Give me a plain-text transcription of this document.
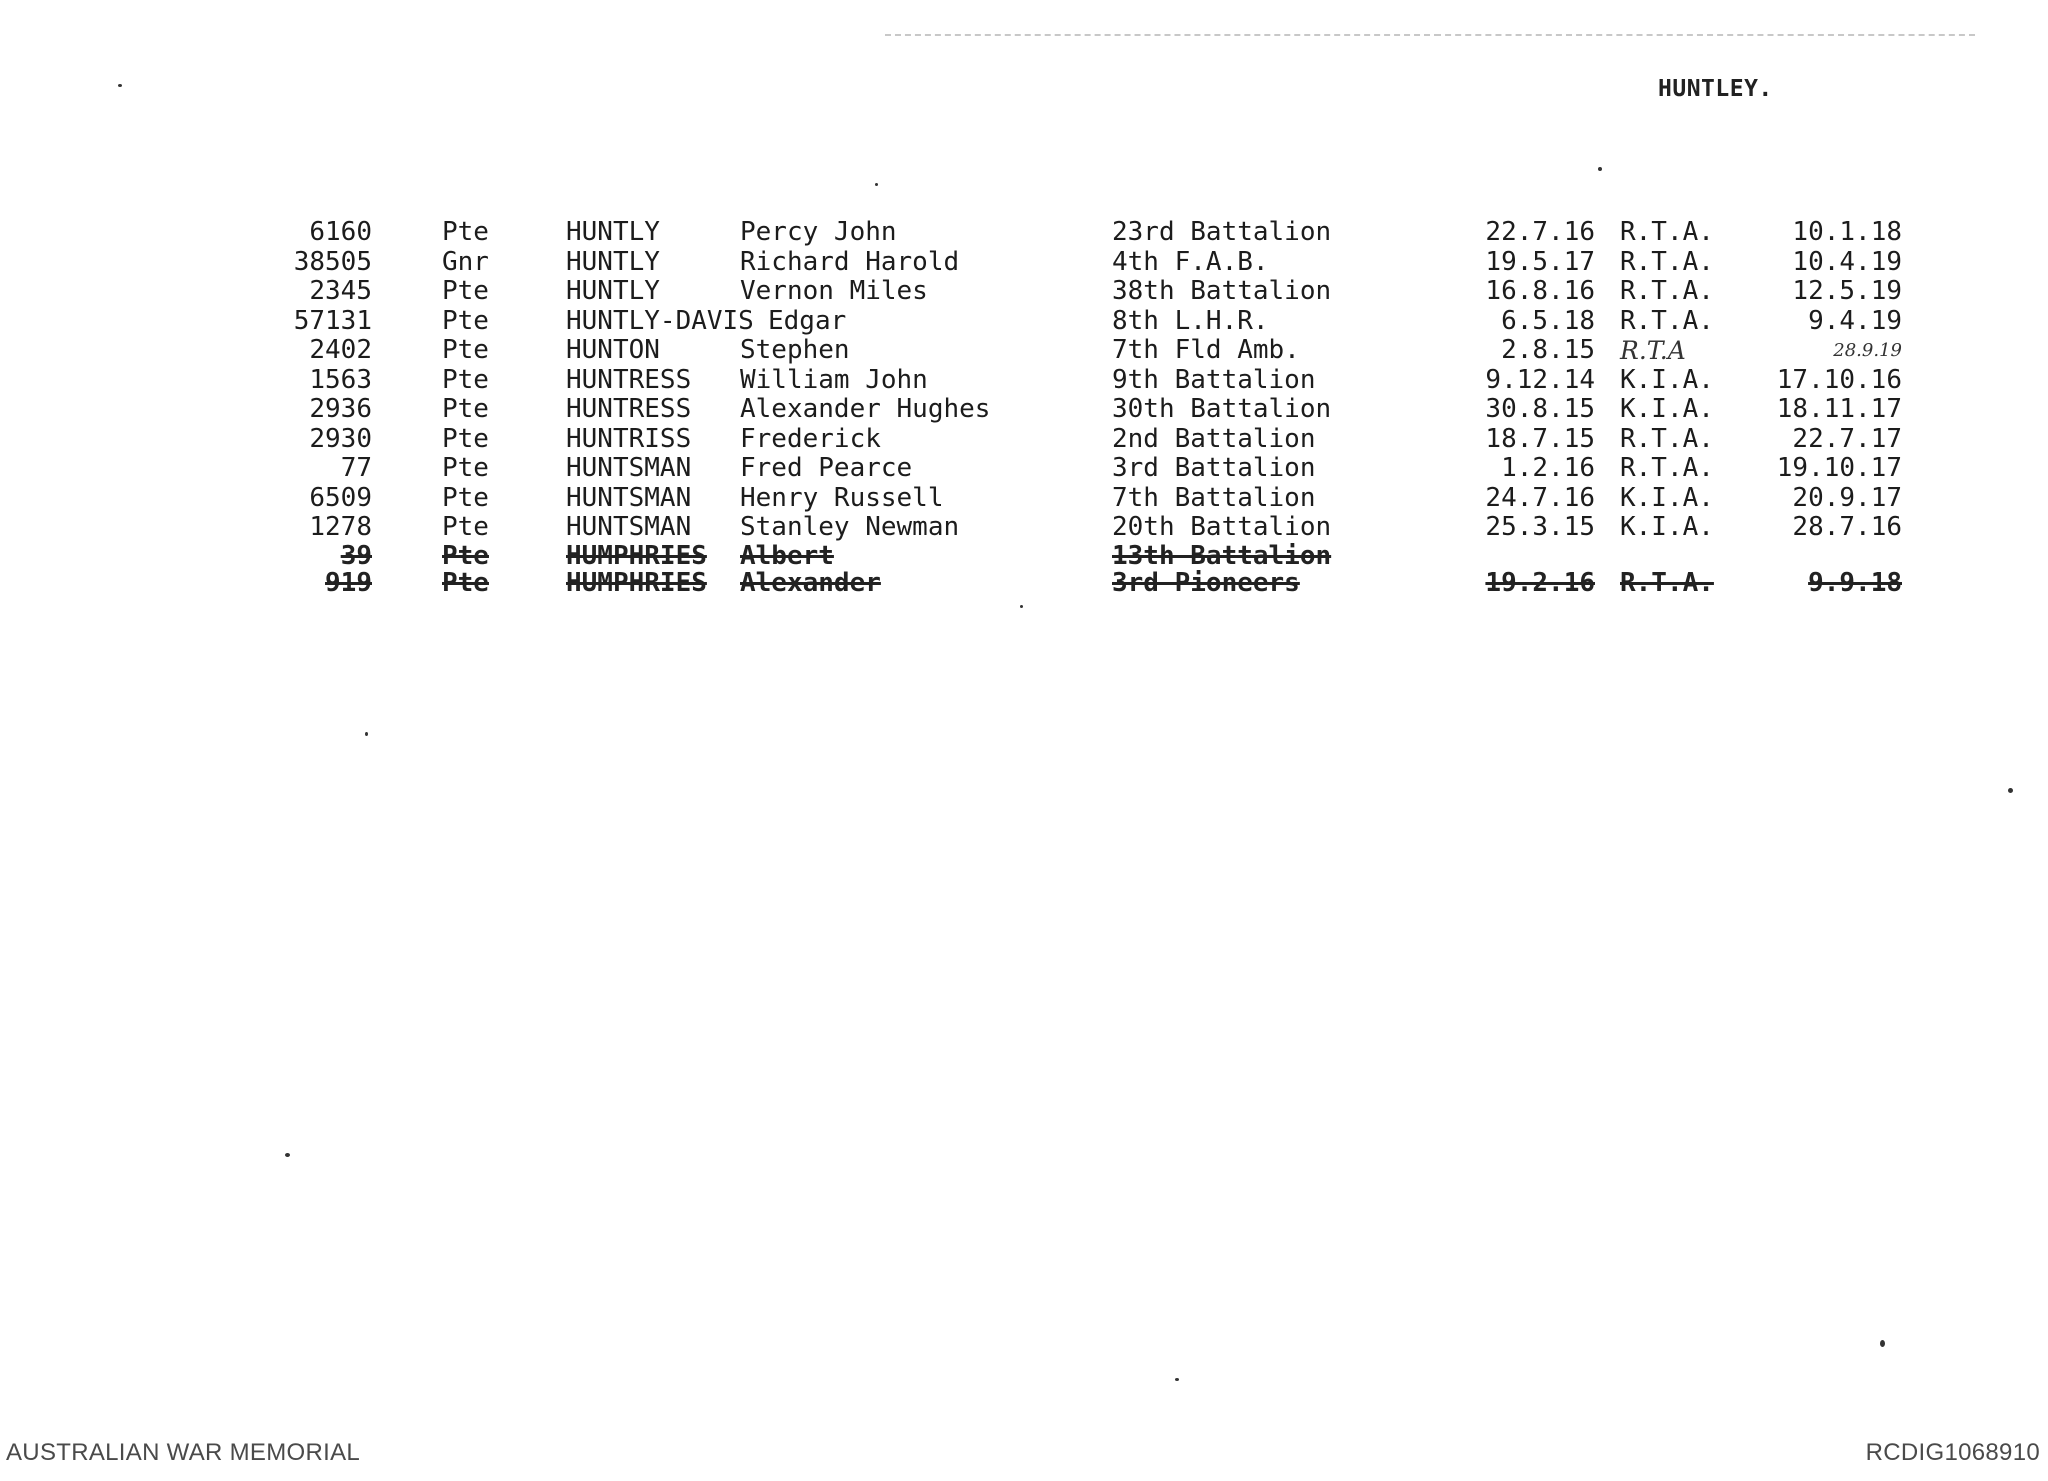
HUNTLEY.
6160	Pte	HUNTLY	Percy John	23rd Battalion	22.7.16 R.T.A.	10.1.18
38505	Gnr	HUNTLY	Richard Harold	4th F.A.B.	19.5.17 R.T.A.	10.4.19
2345	Pte	HUNTLY	Vernon Miles	38th Battalion	16.8.16 R.T.A.	12.5.19
57131	Pte	HUNTLY-DAVIS Edgar	8th L.H.R.	6.5.18 R.T.A.	9.4.19
2402	Pte	HUNTON	Stephen	7th Fld Amb.	2.8.15 R.T.A	28.9.19
1563	Pte	HUNTRESS William John	9th Battalion	9.12.14 K.I.A.	17.10.16
2936	Pte	HUNTRESS Alexander Hughes	30th Battalion	30.8.15 K.I.A.	18.11.17
2930	Pte	HUNTRISS Frederick	2nd Battalion	18.7.15 R.T.A.	22.7.17
77	Pte	HUNTSMAN Fred Pearce	3rd Battalion	1.2.16 R.T.A.	19.10.17
6509	Pte	HUNTSMAN Henry Russell	7th Battalion	24.7.16 K.I.A.	20.9.17
1278	Pte	HUNTSMAN Stanley Newman	20th Battalion	25.3.15 K.I.A.	28.7.16
39	Pte	HUMPHRIES Albert	13th Battalion
919	Pte	HUMPHRIES Alexander	3rd Pioneers	19.2.16 R.T.A.	9.9.18
AUSTRALIAN WAR MEMORIAL	RCDIG1068910
